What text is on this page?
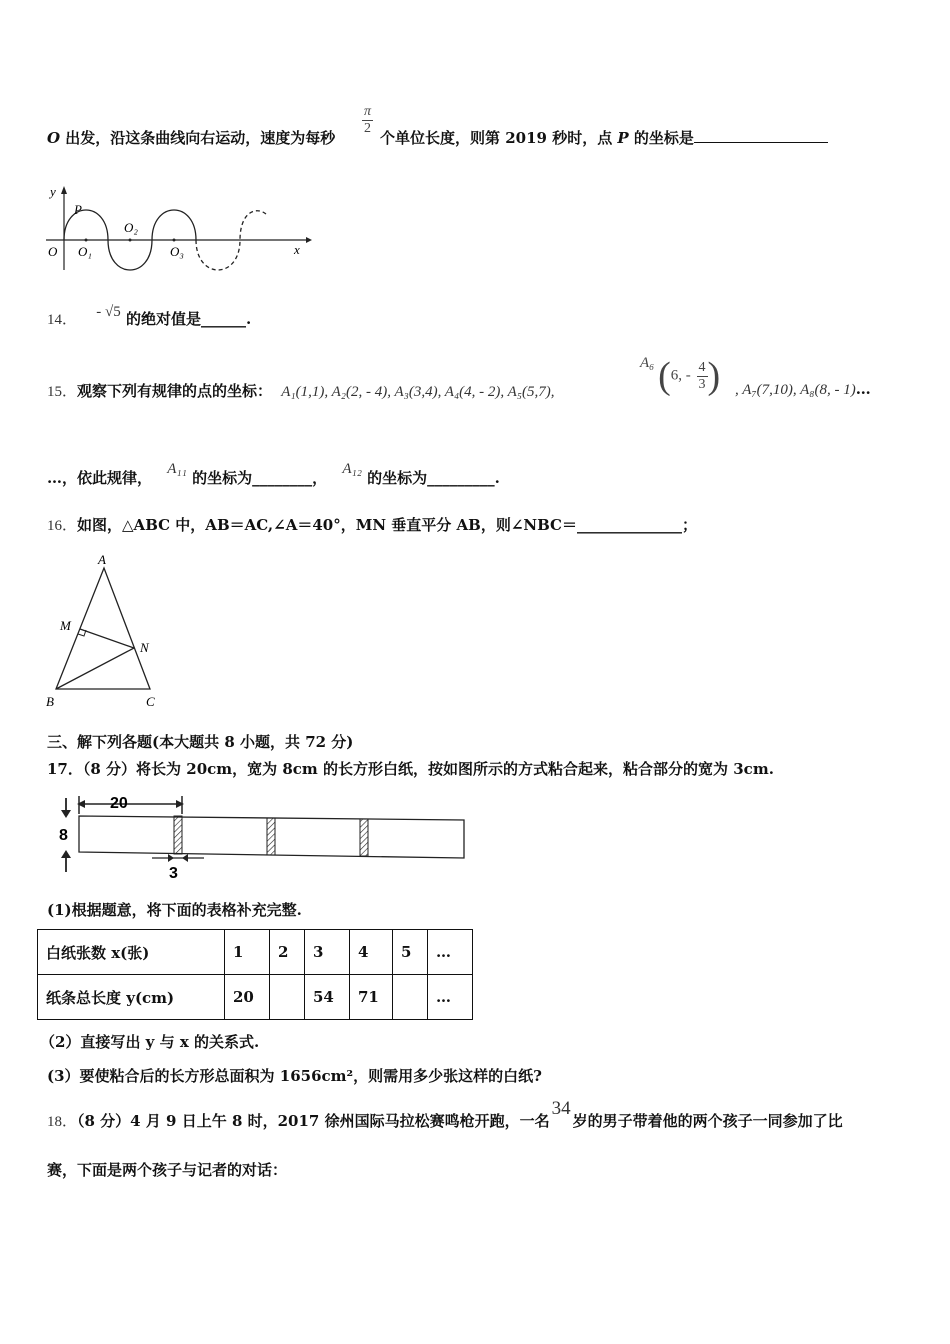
O 出发，沿这条曲线向右运动，速度为每秒
$\frac{\pi}{2}$
个单位长度，则第 2019 秒时，点 P 的坐标是
y
x
O
P
O₁
O₂
O₃
14． - √5 的绝对值是______.
15．观察下列有规律的点的坐标： A₁(1,1), A₂(2, - 4), A₃(3,4), A₄(4, - 2), A₅(5,7),
A₆ (6, - $\frac{4}{3}$ ) , A₇(7,10), A₈(8, - 1)…
…，依此规律， A₁₁ 的坐标为________， A₁₂ 的坐标为_________.
16．如图，△ABC 中，AB＝AC,∠A＝40°，MN 垂直平分 AB，则∠NBC＝______________；
A
B	C
M
N
三、解下列各题(本大题共 8 小题，共 72 分)
17．（8 分）将长为 20cm，宽为 8cm 的长方形白纸，按如图所示的方式粘合起来，粘合部分的宽为 3cm.
20
8
3
(1)根据题意，将下面的表格补充完整.
白纸张数 x(张)	1	2	3	4	5	…
纸条总长度 y(cm)	20		54	71		…
（2）直接写出 y 与 x 的关系式.
(3）要使粘合后的长方形总面积为 1656cm²，则需用多少张这样的白纸?
18．（8 分）4 月 9 日上午 8 时，2017 徐州国际马拉松赛鸣枪开跑，一名34岁的男子带着他的两个孩子一同参加了比
赛，下面是两个孩子与记者的对话：
